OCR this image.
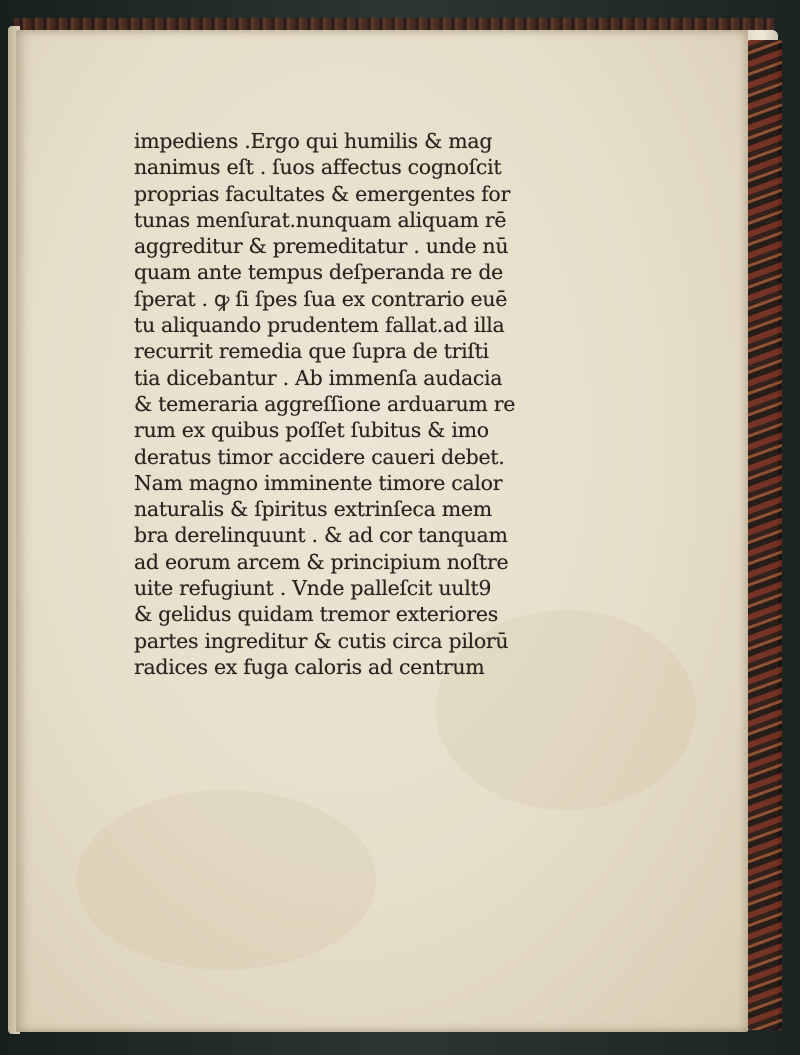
impediens .Ergo qui humilis & mag
nanimus eſt . ſuos affectus cognoſcit
proprias facultates & emergentes for
tunas menſurat.nunquam aliquam rē
aggreditur & premeditatur . unde nū
quam ante tempus deſperanda re de
ſperat . ꝙ ſi ſpes ſua ex contrario euē
tu aliquando prudentem fallat.ad illa
recurrit remedia que ſupra de triſti
tia dicebantur . Ab immenſa audacia
& temeraria aggreſſione arduarum re
rum ex quibus poſſet ſubitus & imo
deratus timor accidere caueri debet.
Nam magno imminente timore calor
naturalis & ſpiritus extrinſeca mem
bra derelinquunt . & ad cor tanquam
ad eorum arcem & principium noſtre
uite refugiunt . Vnde palleſcit uult9
& gelidus quidam tremor exteriores
partes ingreditur & cutis circa pilorū
radices ex fuga caloris ad centrum
